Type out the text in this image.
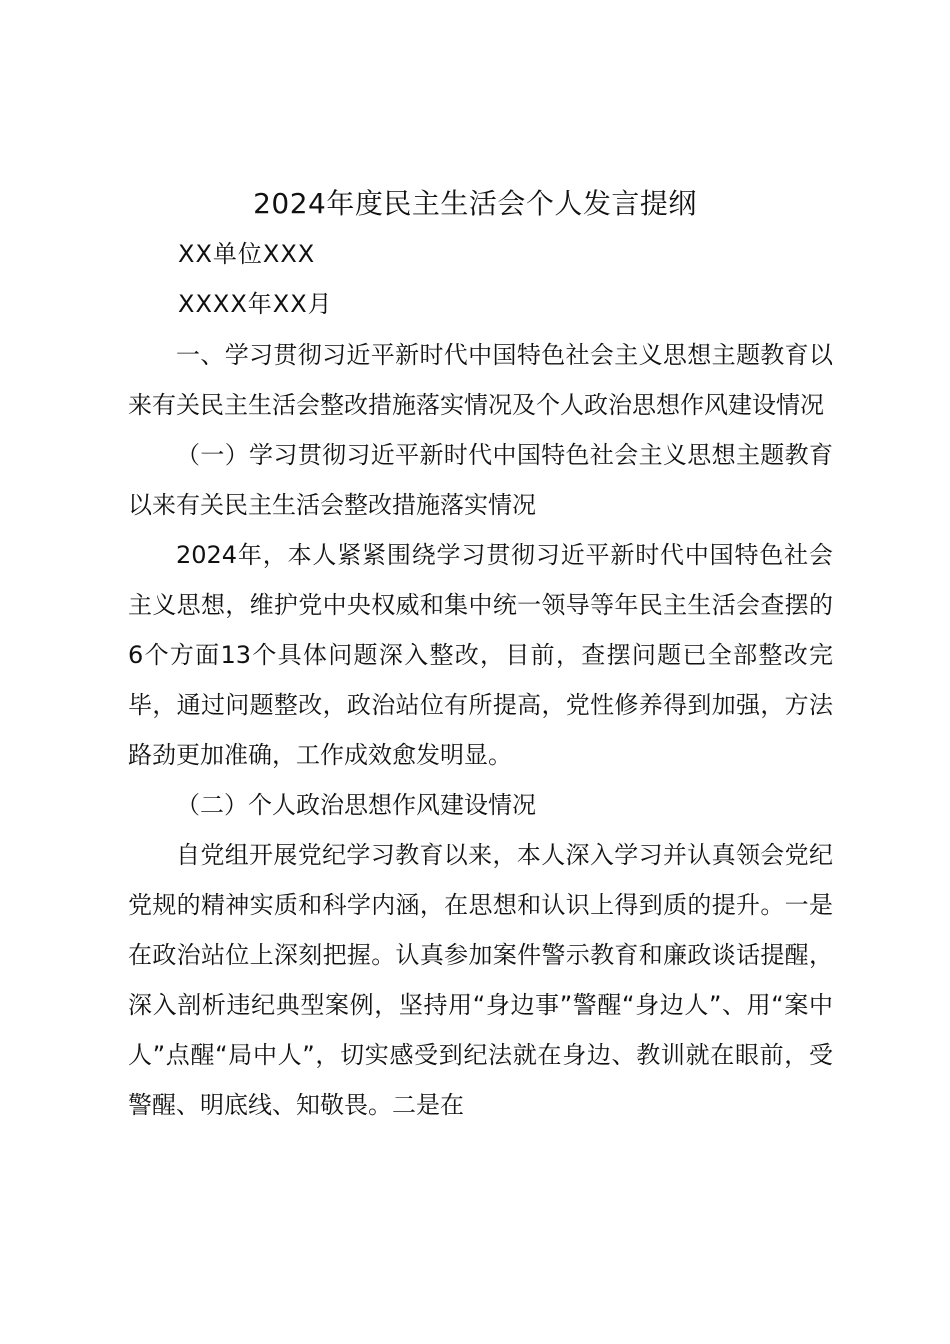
2024年度民主生活会个人发言提纲
XX单位XXX
XXXX年XX月

一、学习贯彻习近平新时代中国特色社会主义思想主题教育以来有关民主生活会整改措施落实情况及个人政治思想作风建设情况

（一）学习贯彻习近平新时代中国特色社会主义思想主题教育以来有关民主生活会整改措施落实情况

2024年，本人紧紧围绕学习贯彻习近平新时代中国特色社会主义思想，维护党中央权威和集中统一领导等年民主生活会查摆的6个方面13个具体问题深入整改，目前，查摆问题已全部整改完毕，通过问题整改，政治站位有所提高，党性修养得到加强，方法路劲更加准确，工作成效愈发明显。

（二）个人政治思想作风建设情况

自党组开展党纪学习教育以来，本人深入学习并认真领会党纪党规的精神实质和科学内涵，在思想和认识上得到质的提升。一是在政治站位上深刻把握。认真参加案件警示教育和廉政谈话提醒，深入剖析违纪典型案例，坚持用“身边事”警醒“身边人”、用“案中人”点醒“局中人”，切实感受到纪法就在身边、教训就在眼前，受警醒、明底线、知敬畏。二是在
